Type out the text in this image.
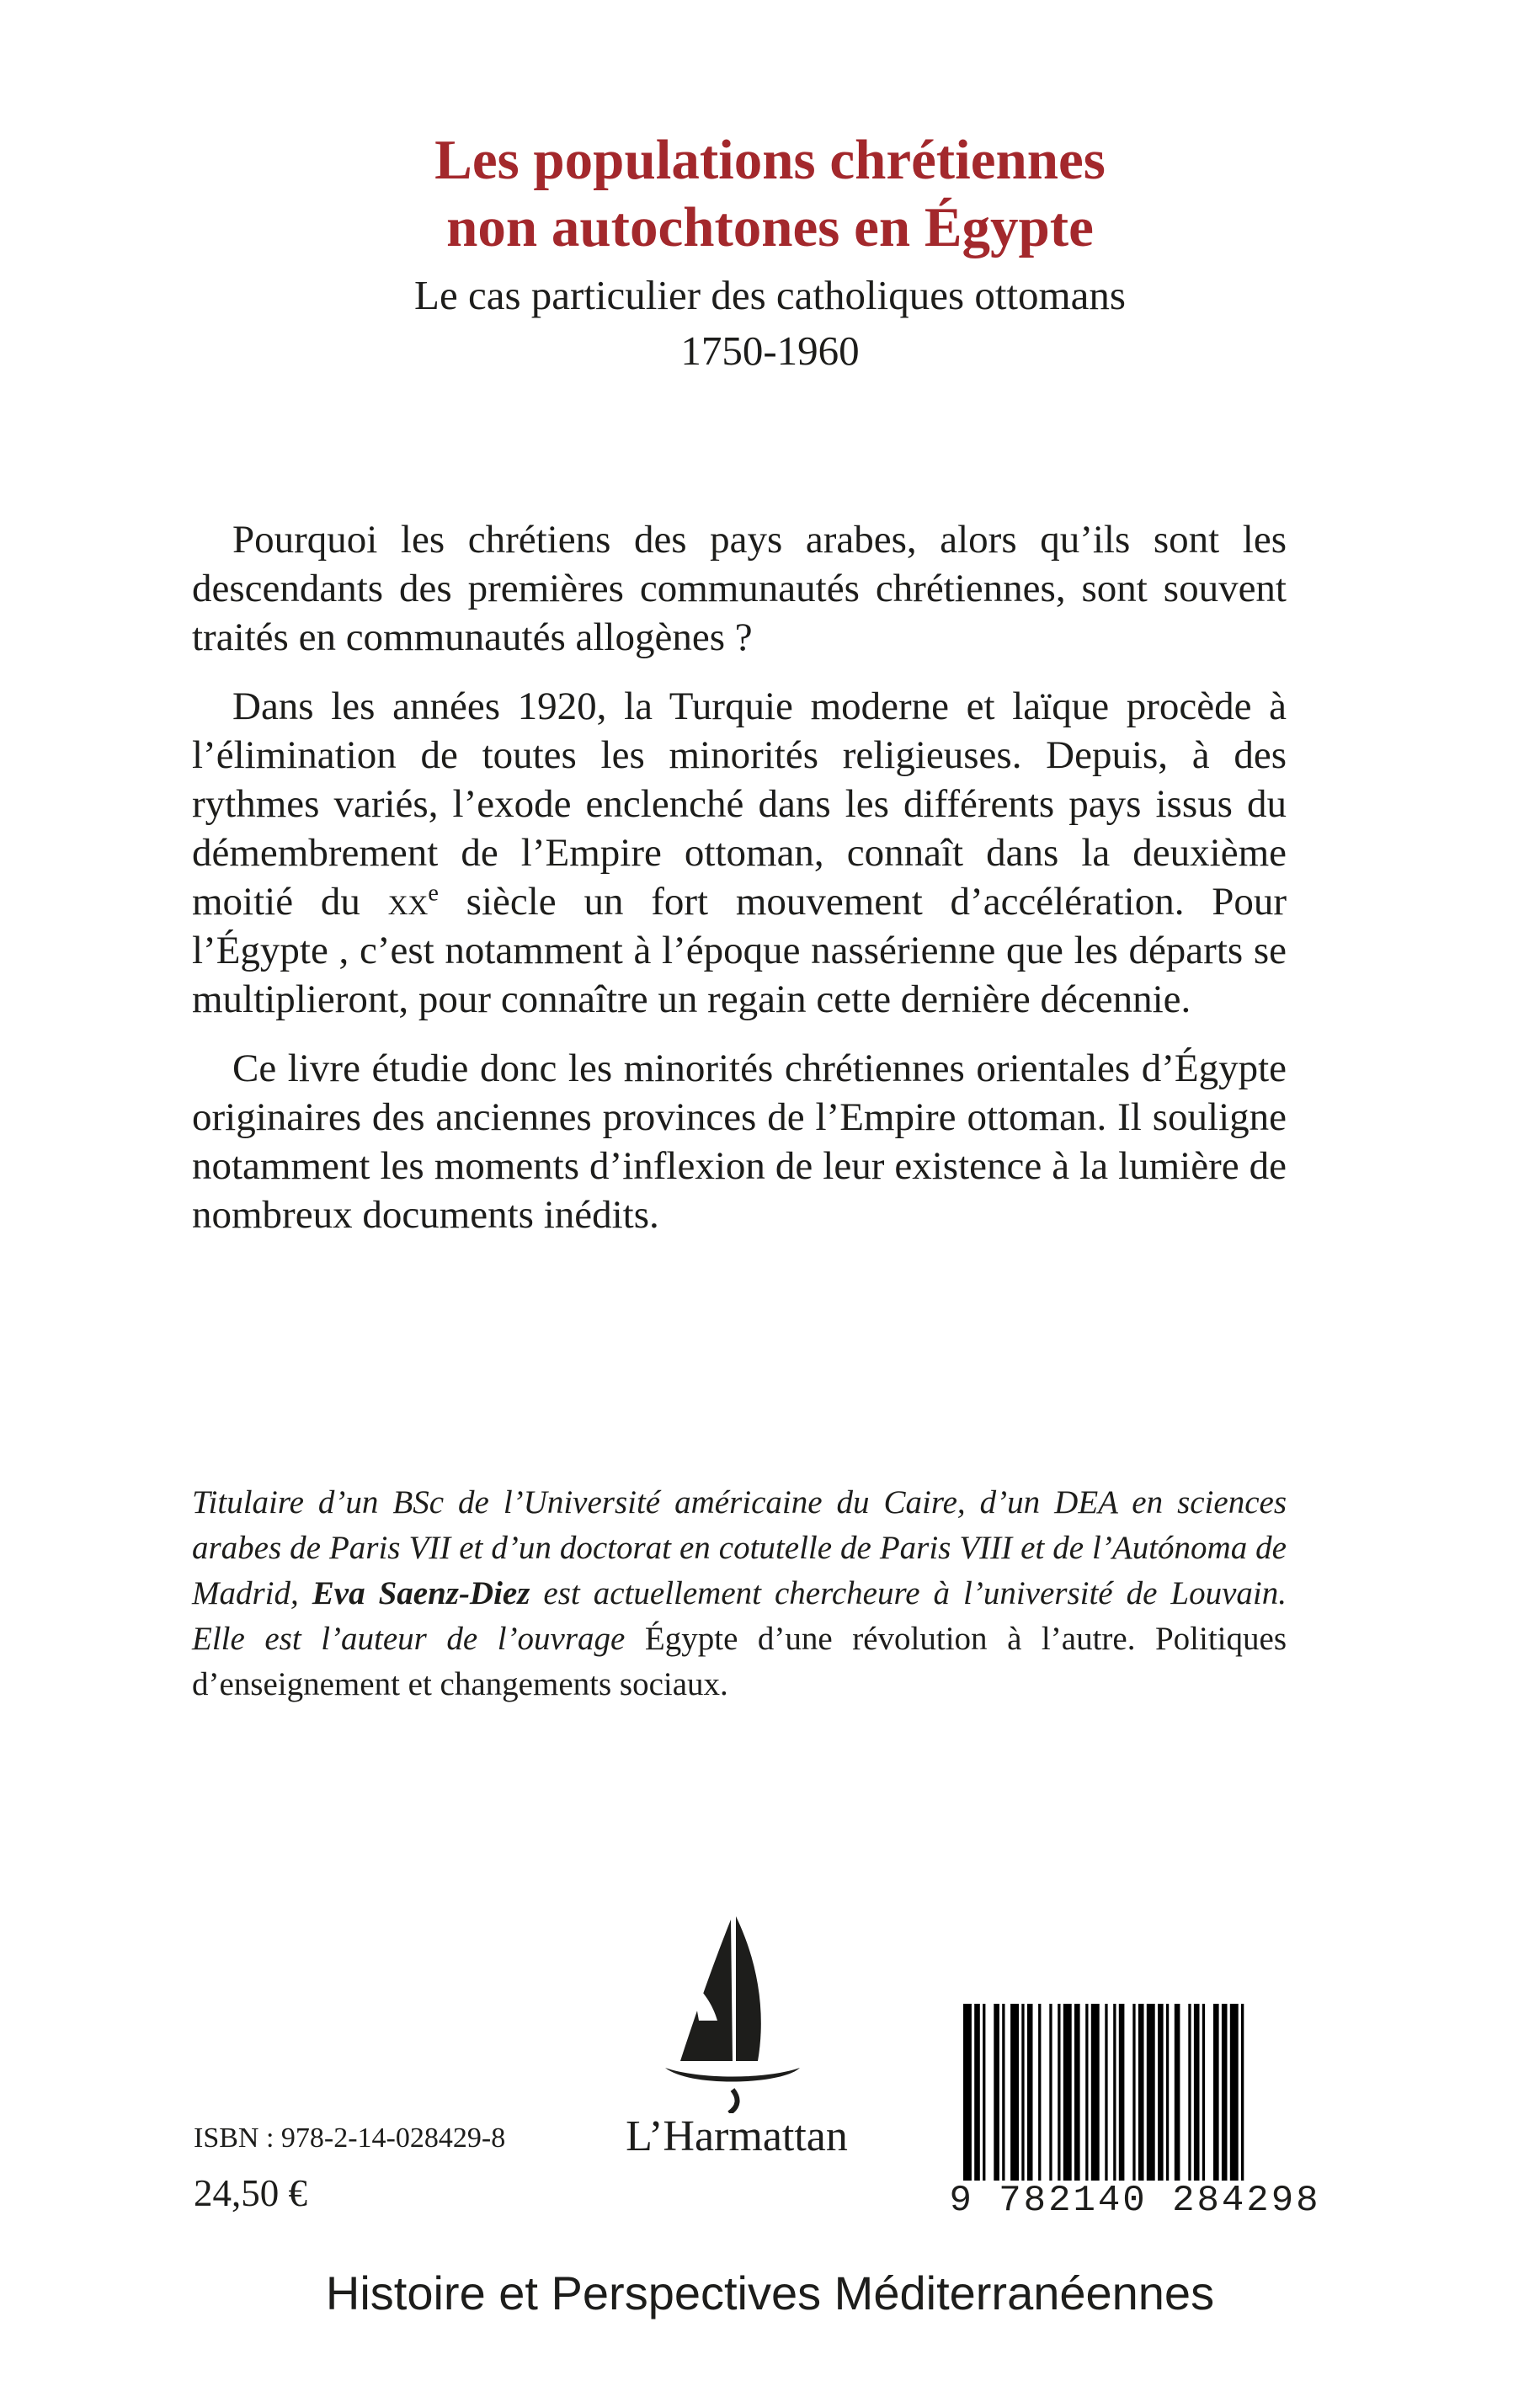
Les populations chrétiennes
non autochtones en Égypte
Le cas particulier des catholiques ottomans
1750-1960

Pourquoi les chrétiens des pays arabes, alors qu’ils sont les descendants des premières communautés chrétiennes, sont souvent traités en communautés allogènes ?

Dans les années 1920, la Turquie moderne et laïque procède à l’élimination de toutes les minorités religieuses. Depuis, à des rythmes variés, l’exode enclenché dans les différents pays issus du démembrement de l’Empire ottoman, connaît dans la deuxième moitié du $xx^e$ siècle un fort mouvement d’accélération. Pour l’Égypte , c’est notamment à l’époque nassérienne que les départs se multiplieront, pour connaître un regain cette dernière décennie.

Ce livre étudie donc les minorités chrétiennes orientales d’Égypte originaires des anciennes provinces de l’Empire ottoman. Il souligne notamment les moments d’inflexion de leur existence à la lumière de nombreux documents inédits.

Titulaire d’un BSc de l’Université américaine du Caire, d’un DEA en sciences arabes de Paris VII et d’un doctorat en cotutelle de Paris VIII et de l’Autónoma de Madrid, Eva Saenz-Diez est actuellement chercheure à l’université de Louvain. Elle est l’auteur de l’ouvrage Égypte d’une révolution à l’autre. Politiques d’enseignement et changements sociaux.
L’Harmattan
ISBN : 978-2-14-028429-8
24,50 €	9 782140 284298
Histoire et Perspectives Méditerranéennes
